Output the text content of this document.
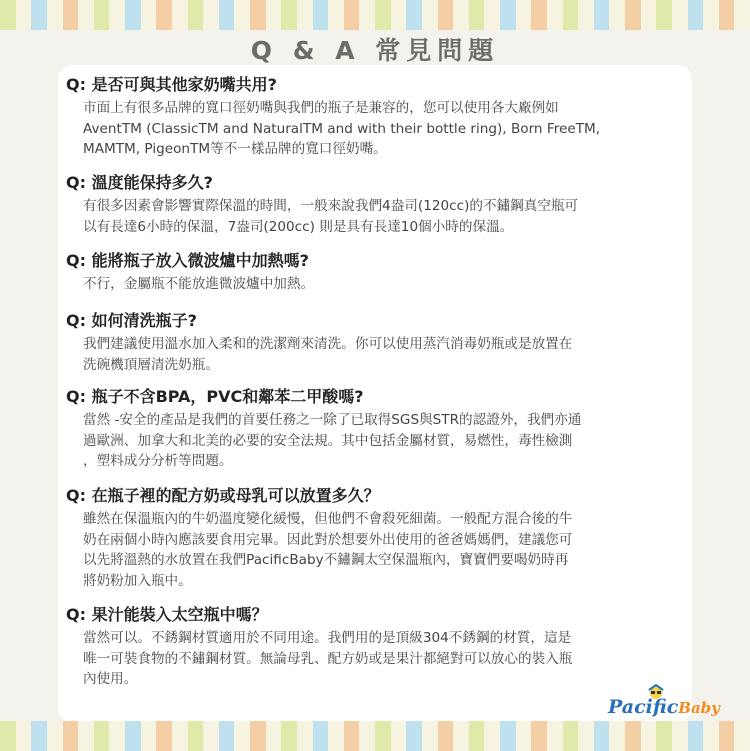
Q & A 常見問題
Q: 是否可與其他家奶嘴共用?
市面上有很多品牌的寬口徑奶嘴與我們的瓶子是兼容的，您可以使用各大廠例如
AventTM (ClassicTM and NaturalTM and with their bottle ring), Born FreeTM,
MAMTM, PigeonTM等不一樣品牌的寬口徑奶嘴。
Q: 溫度能保持多久?
有很多因素會影響實際保溫的時間，一般來說我們4盎司(120cc)的不鏽鋼真空瓶可
以有長達6小時的保溫，7盎司(200cc) 則是具有長達10個小時的保溫。
Q: 能將瓶子放入微波爐中加熱嗎?
不行，金屬瓶不能放進微波爐中加熱。
Q: 如何清洗瓶子?
我們建議使用溫水加入柔和的洗潔劑來清洗。你可以使用蒸汽消毒奶瓶或是放置在
洗碗機頂層清洗奶瓶。
Q: 瓶子不含BPA，PVC和鄰苯二甲酸嗎?
當然 -安全的產品是我們的首要任務之一除了已取得SGS與STR的認證外，我們亦通
過歐洲、加拿大和北美的必要的安全法規。其中包括金屬材質，易燃性，毒性檢測
，塑料成分分析等問題。
Q: 在瓶子裡的配方奶或母乳可以放置多久？
雖然在保溫瓶內的牛奶溫度變化緩慢，但他們不會殺死細菌。一般配方混合後的牛
奶在兩個小時內應該要食用完畢。因此對於想要外出使用的爸爸媽媽們，建議您可
以先將溫熱的水放置在我們PacificBaby不鏽鋼太空保溫瓶內，寶寶們要喝奶時再
將奶粉加入瓶中。
Q: 果汁能裝入太空瓶中嗎？
當然可以。不銹鋼材質適用於不同用途。我們用的是頂級304不銹鋼的材質，這是
唯一可裝食物的不鏽鋼材質。無論母乳、配方奶或是果汁都絕對可以放心的裝入瓶
內使用。
PacificBaby
